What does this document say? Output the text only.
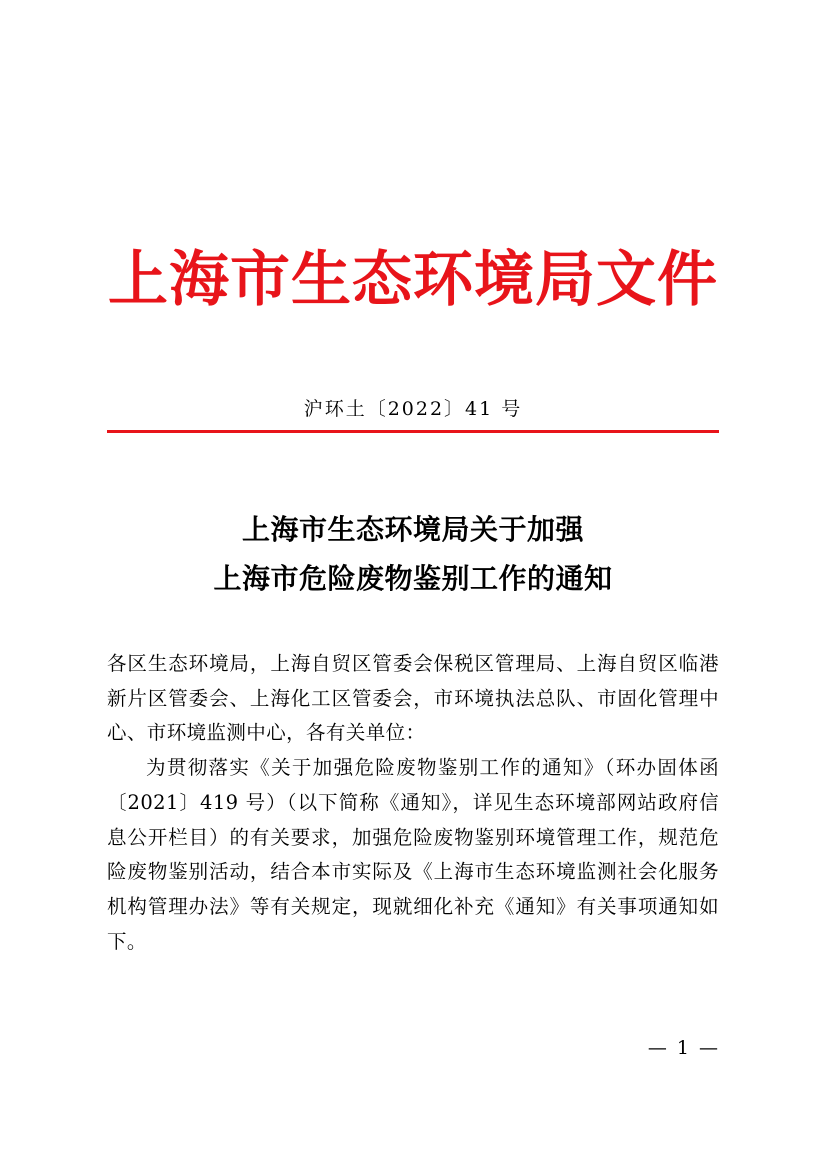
上海市生态环境局文件
沪环土〔2022〕41 号
上海市生态环境局关于加强
上海市危险废物鉴别工作的通知

各区生态环境局，上海自贸区管委会保税区管理局、上海自贸区临港新片区管委会、上海化工区管委会，市环境执法总队、市固化管理中心、市环境监测中心，各有关单位：

为贯彻落实《关于加强危险废物鉴别工作的通知》（环办固体函〔2021〕419 号）（以下简称《通知》，详见生态环境部网站政府信息公开栏目）的有关要求，加强危险废物鉴别环境管理工作，规范危险废物鉴别活动，结合本市实际及《上海市生态环境监测社会化服务机构管理办法》等有关规定，现就细化补充《通知》有关事项通知如下。

— 1 —
